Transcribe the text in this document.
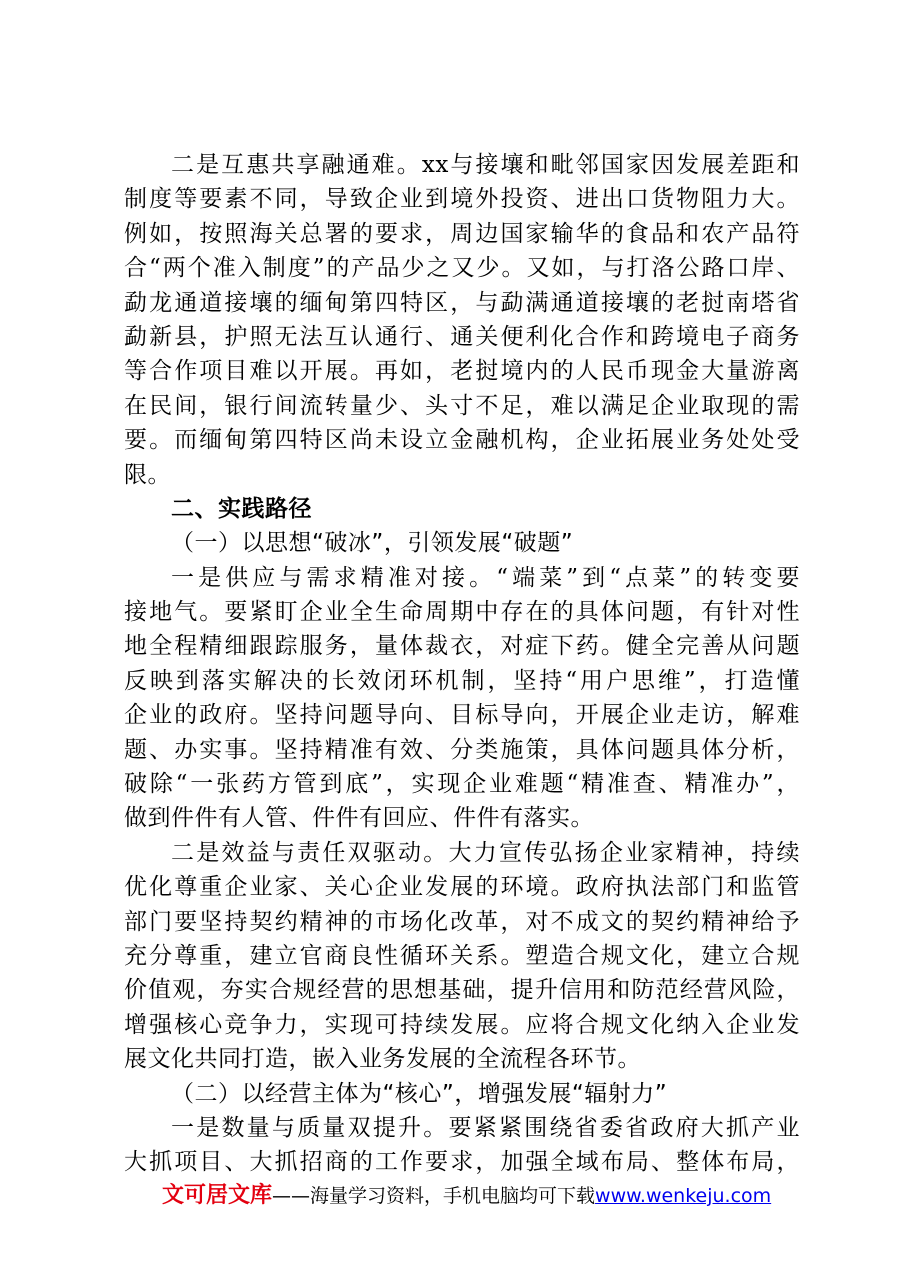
二是互惠共享融通难。xx与接壤和毗邻国家因发展差距和
制度等要素不同，导致企业到境外投资、进出口货物阻力大。
例如，按照海关总署的要求，周边国家输华的食品和农产品符
合“两个准入制度”的产品少之又少。又如，与打洛公路口岸、
勐龙通道接壤的缅甸第四特区，与勐满通道接壤的老挝南塔省
勐新县，护照无法互认通行、通关便利化合作和跨境电子商务
等合作项目难以开展。再如，老挝境内的人民币现金大量游离
在民间，银行间流转量少、头寸不足，难以满足企业取现的需
要。而缅甸第四特区尚未设立金融机构，企业拓展业务处处受
限。
二、实践路径
（一）以思想“破冰”，引领发展“破题”
一是供应与需求精准对接。“端菜”到“点菜”的转变要
接地气。要紧盯企业全生命周期中存在的具体问题，有针对性
地全程精细跟踪服务，量体裁衣，对症下药。健全完善从问题
反映到落实解决的长效闭环机制，坚持“用户思维”，打造懂
企业的政府。坚持问题导向、目标导向，开展企业走访，解难
题、办实事。坚持精准有效、分类施策，具体问题具体分析，
破除“一张药方管到底”，实现企业难题“精准查、精准办”，
做到件件有人管、件件有回应、件件有落实。
二是效益与责任双驱动。大力宣传弘扬企业家精神，持续
优化尊重企业家、关心企业发展的环境。政府执法部门和监管
部门要坚持契约精神的市场化改革，对不成文的契约精神给予
充分尊重，建立官商良性循环关系。塑造合规文化，建立合规
价值观，夯实合规经营的思想基础，提升信用和防范经营风险，
增强核心竞争力，实现可持续发展。应将合规文化纳入企业发
展文化共同打造，嵌入业务发展的全流程各环节。
（二）以经营主体为“核心”，增强发展“辐射力”
一是数量与质量双提升。要紧紧围绕省委省政府大抓产业
大抓项目、大抓招商的工作要求，加强全域布局、整体布局，
文可居文库——海量学习资料，手机电脑均可下载www.wenkeju.com
